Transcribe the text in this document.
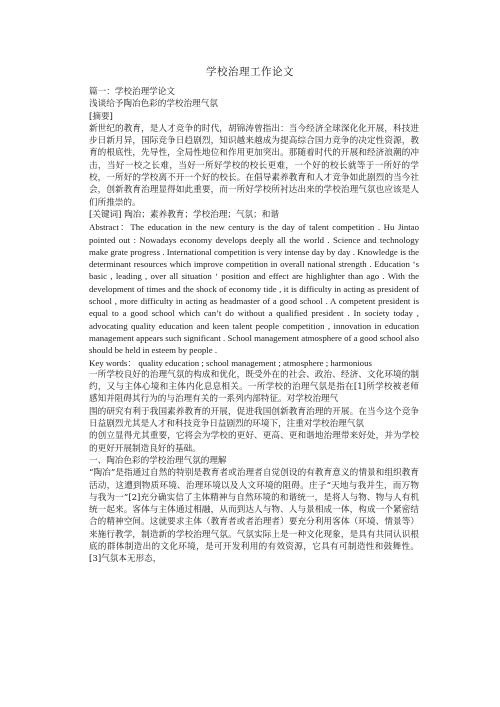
学校治理工作论文

篇一：学校治理学论文

浅谈给予陶冶色彩的学校治理气氛

[摘要]

新世纪的教育，是人才竞争的时代，胡锦涛曾指出：当今经济全球深化化开展，科技进步日新月异，国际竞争日趋剧烈，知识越来越成为提高综合国力竞争的决定性资源，教育的根底性，先导性，全局性地位和作用更加突出。那随着时代的开展和经济浪潮的冲击，当好一校之长难，当好一所好学校的校长更难，一个好的校长就等于一所好的学校，一所好的学校离不开一个好的校长。在倡导素养教育和人才竞争如此剧烈的当今社会，创新教育治理显得如此重要，而一所好学校所衬达出来的学校治理气氛也应该是人们所推崇的。

[关键词] 陶冶；素养教育；学校治理；气氛；和谐

Abstract：The education in the new century is the day of talent competition . Hu Jintao pointed out : Nowadays economy develops deeply all the world . Science and technology make grate progress . International competition is very intense day by day . Knowledge is the determinant resources which improve competition in overall national strength . Education ‘s basic , leading , over all situation ‘ position and effect are highlighter than ago . With the development of times and the shock of economy tide , it is difficulty in acting as president of school , more difficulty in acting as headmaster of a good school . A competent president is equal to a good school which can’t do without a qualified president . In society today , advocating quality education and keen talent people competition , innovation in education management appears such significant . School management atmosphere of a good school also should be held in esteem by people .

Key words： quality education ; school management ; atmosphere ; harmonious

一所学校良好的治理气氛的构成和优化，既受外在的社会、政治、经济、文化环境的制约，又与主体心境和主体内化息息相关。一所学校的治理气氛是指在[1]所学校被老师感知并阻碍其行为的与治理有关的一系列内部特征。对学校治理气

围的研究有利于我国素养教育的开展，促进我国创新教育治理的开展。在当今这个竞争日益剧烈尤其是人才和科技竞争日益剧烈的环境下，注重对学校治理气氛

的创立显得尤其重要，它将会为学校的更好、更高、更和谐地治理带来好处，并为学校的更好开展制造良好的基础。

一、陶冶色彩的学校治理气氛的理解

“陶冶”是指通过自然的特别是教育者或治理者自觉创设的有教育意义的情景和组织教育活动，这遭到物质环境、治理环境以及人文环境的阻碍。庄子“天地与我并生，而万物与我为一”[2]充分确实信了主体精神与自然环境的和谐统一，是将人与物、物与人有机统一起来。客体与主体通过相融，从而到达人与物、人与景相成一体，构成一个紧密结合的精神空间。这就要求主体（教育者或者治理者）要充分利用客体（环境、情景等）来施行教学，制造新的学校治理气氛。气氛实际上是一种文化现象，是具有共同认识根底的群体制造出的文化环境，是可开发利用的有效资源，它具有可制造性和鼓舞性。[3]气氛本无形态，
